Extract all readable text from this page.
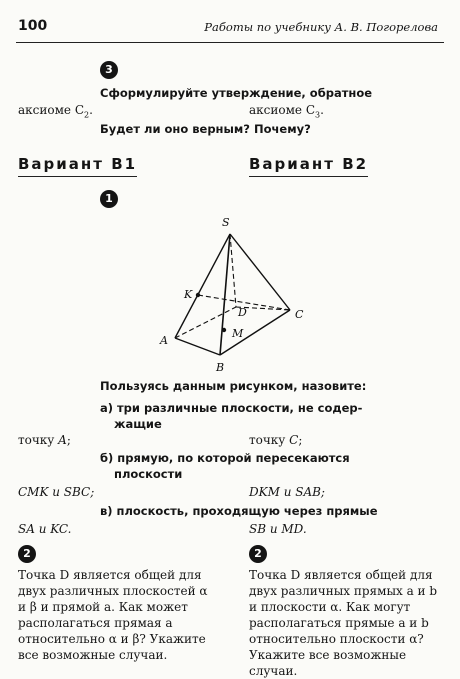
100	Работы по учебнику А. В. Погорелова
3
Сформулируйте утверждение, обратное
аксиоме $C_2$.	аксиоме $C_3$.
Будет ли оно верным? Почему?
Вариант В1	Вариант В2
1
S
K
D	C
A
M
B
Пользуясь данным рисунком, назовите:
а) три различные плоскости, не содер-
жащие
точку A;	точку C;
б) прямую, по которой пересекаются
плоскости
CMK и SBC;	DKM и SAB;
в) плоскость, проходящую через прямые
SA и KC.	SB и MD.
2	2
Точка D является общей для двух различных плоскостей α и β и прямой a. Как может располагаться прямая a относительно α и β? Укажите все возможные случаи.
Точка D является общей для двух различных прямых a и b и плоскости α. Как могут располагаться прямые a и b относительно плоскости α? Укажите все возможные случаи.
